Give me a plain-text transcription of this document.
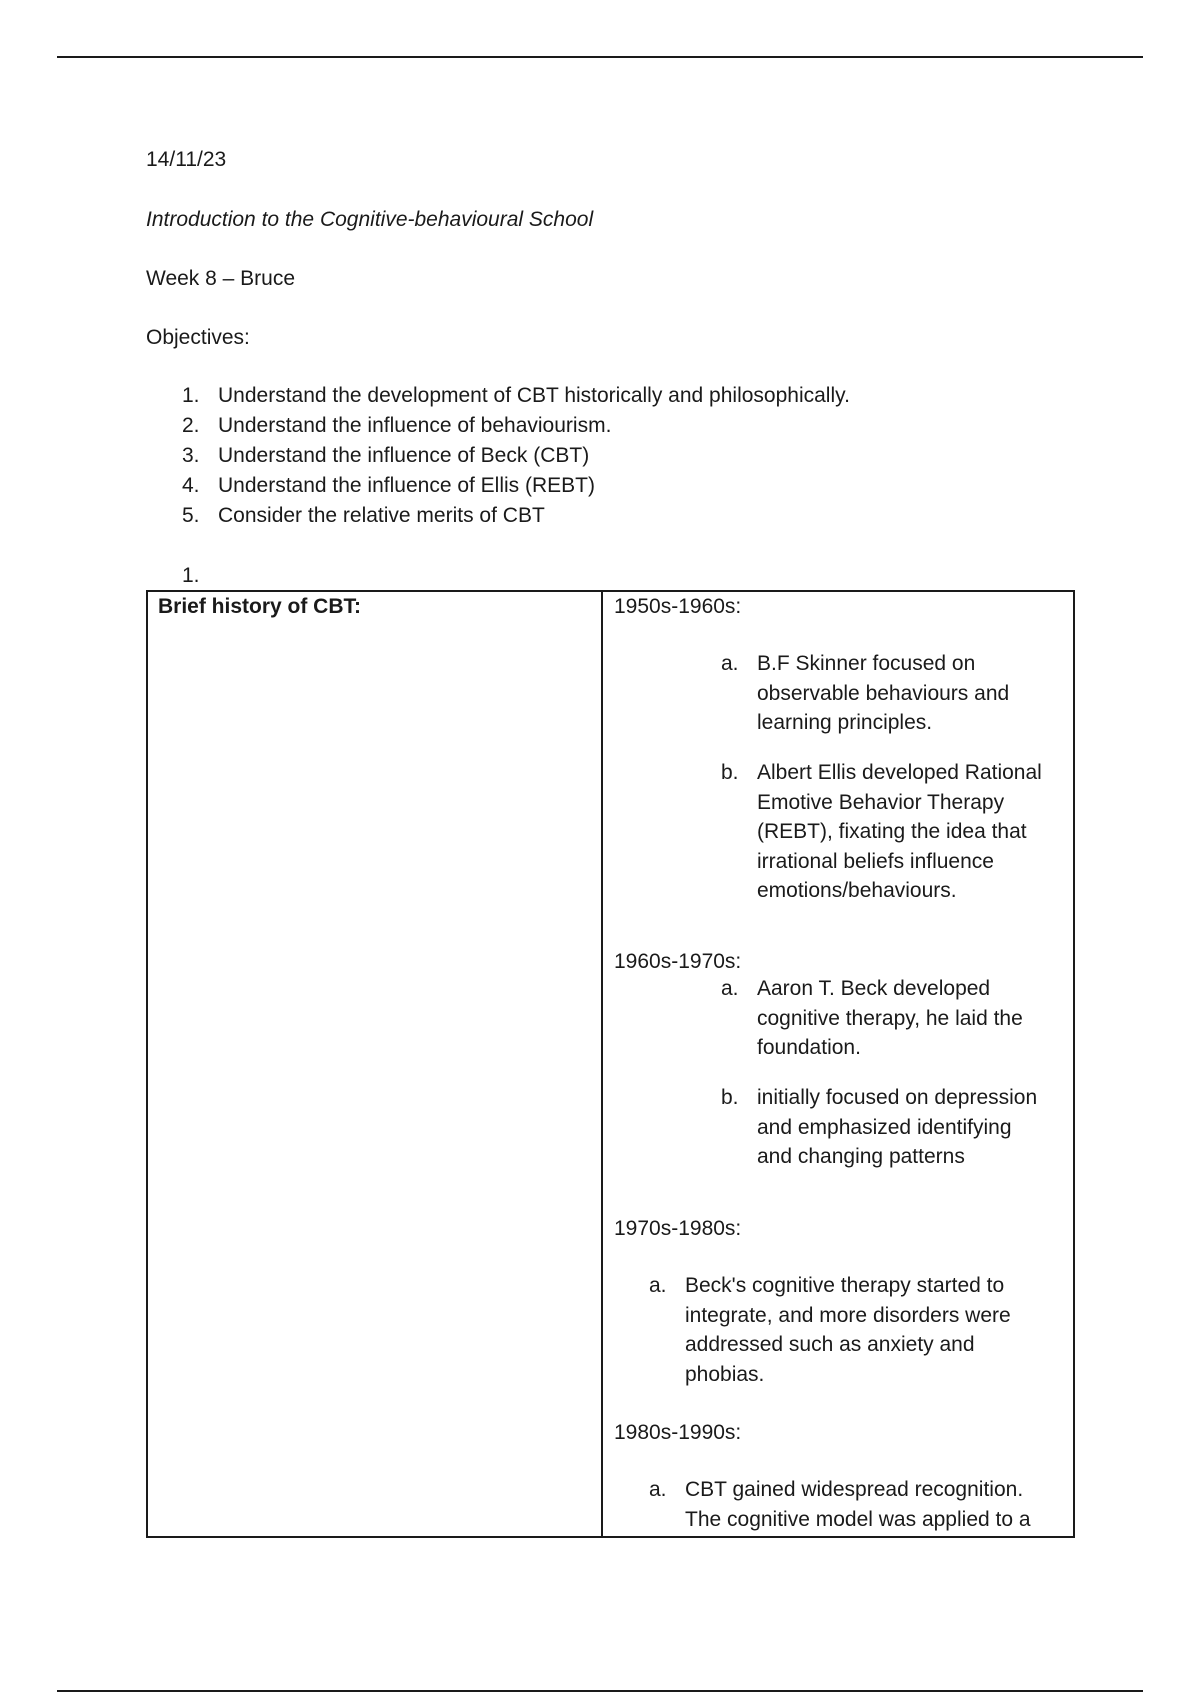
14/11/23
Introduction to the Cognitive-behavioural School
Week 8 – Bruce
Objectives:
1. Understand the development of CBT historically and philosophically.
2. Understand the influence of behaviourism.
3. Understand the influence of Beck (CBT)
4. Understand the influence of Ellis (REBT)
5. Consider the relative merits of CBT
1.
Brief history of CBT:	1950s-1960s:
a. B.F Skinner focused on observable behaviours and learning principles.
b. Albert Ellis developed Rational Emotive Behavior Therapy (REBT), fixating the idea that irrational beliefs influence emotions/behaviours.
1960s-1970s:
a. Aaron T. Beck developed cognitive therapy, he laid the foundation.
b. initially focused on depression and emphasized identifying and changing patterns
1970s-1980s:
a. Beck's cognitive therapy started to integrate, and more disorders were addressed such as anxiety and phobias.
1980s-1990s:
a. CBT gained widespread recognition. The cognitive model was applied to a
